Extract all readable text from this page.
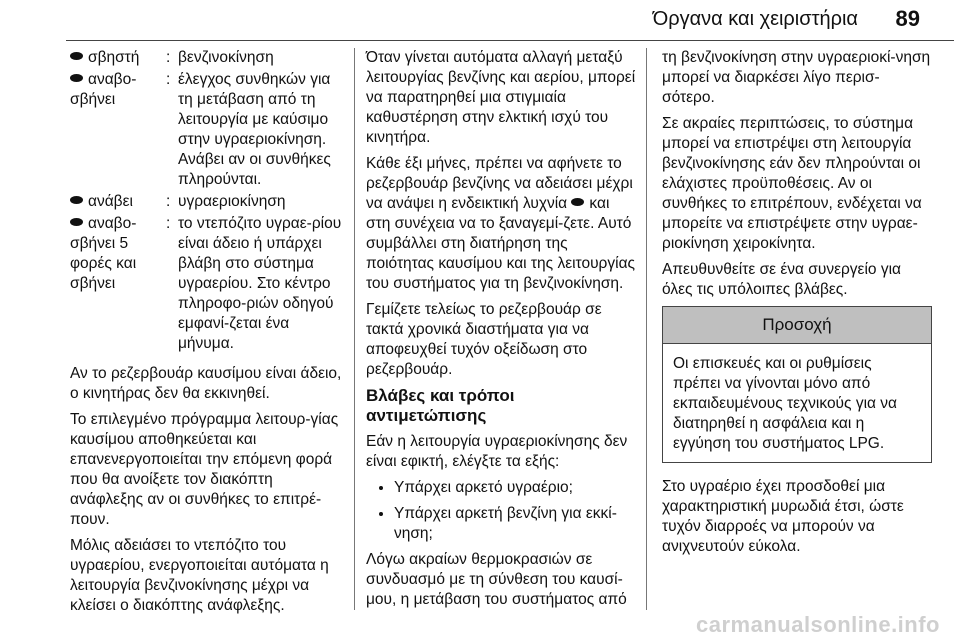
Όργανα και χειριστήρια 89
σβηστή	: βενζινοκίνηση
αναβο-σβήνει
: έλεγχος συνθηκών για τη μετάβαση από τη λειτουργία με καύσιμο στην υγραεριοκίνηση. Ανάβει αν οι συνθήκες πληρούνται.
ανάβει	: υγραεριοκίνηση
αναβο-σβήνει 5 φορές και σβήνει
: το ντεπόζιτο υγραε-ρίου είναι άδειο ή υπάρχει βλάβη στο σύστημα υγραερίου. Στο κέντρο πληροφο-ριών οδηγού εμφανί-ζεται ένα μήνυμα.

Αν το ρεζερβουάρ καυσίμου είναι άδειο, ο κινητήρας δεν θα εκκινηθεί.

Το επιλεγμένο πρόγραμμα λειτουρ-γίας καυσίμου αποθηκεύεται και επανενεργοποιείται την επόμενη φορά που θα ανοίξετε τον διακόπτη ανάφλεξης αν οι συνθήκες το επιτρέ-πουν.

Μόλις αδειάσει το ντεπόζιτο του υγραερίου, ενεργοποιείται αυτόματα η λειτουργία βενζινοκίνησης μέχρι να κλείσει ο διακόπτης ανάφλεξης.

Όταν γίνεται αυτόματα αλλαγή μεταξύ λειτουργίας βενζίνης και αερίου, μπορεί να παρατηρηθεί μια στιγμιαία καθυστέρηση στην ελκτική ισχύ του κινητήρα.

Κάθε έξι μήνες, πρέπει να αφήνετε το ρεζερβουάρ βενζίνης να αδειάσει μέχρι να ανάψει η ενδεικτική λυχνία και στη συνέχεια να το ξαναγεμί-ζετε. Αυτό συμβάλλει στη διατήρηση της ποιότητας καυσίμου και της λειτουργίας του συστήματος για τη βενζινοκίνηση.

Γεμίζετε τελείως το ρεζερβουάρ σε τακτά χρονικά διαστήματα για να αποφευχθεί τυχόν οξείδωση στο ρεζερβουάρ.

Βλάβες και τρόποι αντιμετώπισης

Εάν η λειτουργία υγραεριοκίνησης δεν είναι εφικτή, ελέγξτε τα εξής:

• Υπάρχει αρκετό υγραέριο;
• Υπάρχει αρκετή βενζίνη για εκκί-νηση;

Λόγω ακραίων θερμοκρασιών σε συνδυασμό με τη σύνθεση του καυσί-μου, η μετάβαση του συστήματος από

τη βενζινοκίνηση στην υγραεριοκί-νηση μπορεί να διαρκέσει λίγο περισ-σότερο.

Σε ακραίες περιπτώσεις, το σύστημα μπορεί να επιστρέψει στη λειτουργία βενζινοκίνησης εάν δεν πληρούνται οι ελάχιστες προϋποθέσεις. Αν οι συνθήκες το επιτρέπουν, ενδέχεται να μπορείτε να επιστρέψετε στην υγραε-ριοκίνηση χειροκίνητα.

Απευθυνθείτε σε ένα συνεργείο για όλες τις υπόλοιπες βλάβες.

Προσοχή
Οι επισκευές και οι ρυθμίσεις πρέπει να γίνονται μόνο από εκπαιδευμένους τεχνικούς για να διατηρηθεί η ασφάλεια και η εγγύηση του συστήματος LPG.

Στο υγραέριο έχει προσδοθεί μια χαρακτηριστική μυρωδιά έτσι, ώστε τυχόν διαρροές να μπορούν να ανιχνευτούν εύκολα.

carmanualsonline.info
